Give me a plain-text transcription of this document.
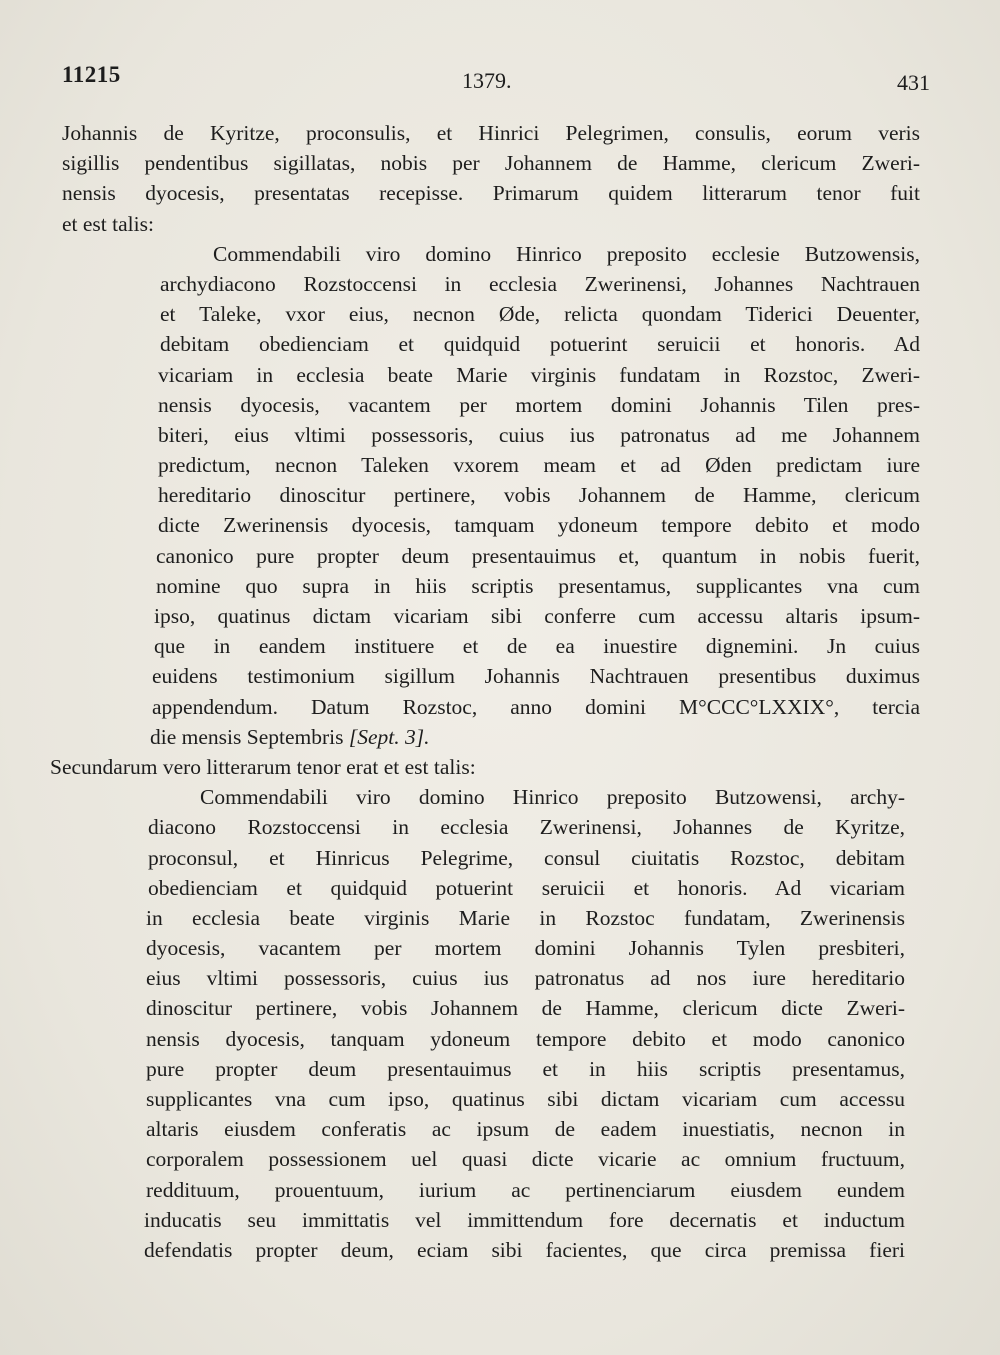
11215	1379.	431
Johannis de Kyritze, proconsulis, et Hinrici Pelegrimen, consulis, eorum veris
sigillis pendentibus sigillatas, nobis per Johannem de Hamme, clericum Zweri-
nensis dyocesis, presentatas recepisse. Primarum quidem litterarum tenor fuit
et est talis:
Commendabili viro domino Hinrico preposito ecclesie Butzowensis,
archydiacono Rozstoccensi in ecclesia Zwerinensi, Johannes Nachtrauen
et Taleke, vxor eius, necnon Øde, relicta quondam Tiderici Deuenter,
debitam obedienciam et quidquid potuerint seruicii et honoris. Ad
vicariam in ecclesia beate Marie virginis fundatam in Rozstoc, Zweri-
nensis dyocesis, vacantem per mortem domini Johannis Tilen pres-
biteri, eius vltimi possessoris, cuius ius patronatus ad me Johannem
predictum, necnon Taleken vxorem meam et ad Øden predictam iure
hereditario dinoscitur pertinere, vobis Johannem de Hamme, clericum
dicte Zwerinensis dyocesis, tamquam ydoneum tempore debito et modo
canonico pure propter deum presentauimus et, quantum in nobis fuerit,
nomine quo supra in hiis scriptis presentamus, supplicantes vna cum
ipso, quatinus dictam vicariam sibi conferre cum accessu altaris ipsum-
que in eandem instituere et de ea inuestire dignemini. Jn cuius
euidens testimonium sigillum Johannis Nachtrauen presentibus duximus
appendendum. Datum Rozstoc, anno domini M°CCC°LXXIX°, tercia
die mensis Septembris [Sept. 3].
Secundarum vero litterarum tenor erat et est talis:
Commendabili viro domino Hinrico preposito Butzowensi, archy-
diacono Rozstoccensi in ecclesia Zwerinensi, Johannes de Kyritze,
proconsul, et Hinricus Pelegrime, consul ciuitatis Rozstoc, debitam
obedienciam et quidquid potuerint seruicii et honoris. Ad vicariam
in ecclesia beate virginis Marie in Rozstoc fundatam, Zwerinensis
dyocesis, vacantem per mortem domini Johannis Tylen presbiteri,
eius vltimi possessoris, cuius ius patronatus ad nos iure hereditario
dinoscitur pertinere, vobis Johannem de Hamme, clericum dicte Zweri-
nensis dyocesis, tanquam ydoneum tempore debito et modo canonico
pure propter deum presentauimus et in hiis scriptis presentamus,
supplicantes vna cum ipso, quatinus sibi dictam vicariam cum accessu
altaris eiusdem conferatis ac ipsum de eadem inuestiatis, necnon in
corporalem possessionem uel quasi dicte vicarie ac omnium fructuum,
reddituum, prouentuum, iurium ac pertinenciarum eiusdem eundem
inducatis seu immittatis vel immittendum fore decernatis et inductum
defendatis propter deum, eciam sibi facientes, que circa premissa fieri
